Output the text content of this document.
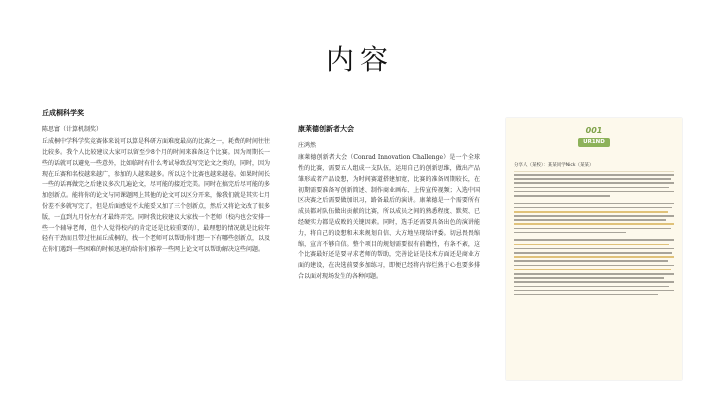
内容
丘成桐科学奖
陈思富（计算机制奖）
丘成桐中学科学奖竞赛体来说可以算是科研方面难度最高的比赛之一，耗费的时间往往比较多。我个人比较建议大家可以留至少8个月的时间来准备这个比赛。因为周期长一些的话就可以避免一些意外，比如临时有什么考试导致没写完论文之类的，同时，因为现在丘赛和名校越来越广，参加的人越来越多。所以这个比赛也越来越卷。如果时间长一些的话再做完之后建议多次几遍论文，尽可能的接近完美。同时在搞完后尽可能的多加创新点。能将你的论文与同课题网上其他的论文可以区分开来，像我们就是其实七月份差不多就写完了，但是后面感觉不太能妥又加了三个创新点，然后又将论文改了很多版，一直到九月份左右才最终弄完。同时我比较建议大家找一个老师（校内也会安排一些一个辅导老师，但个人觉得校内的肯定还是比较重要的），最理想的情况就是比较年轻有干劲而且带过往届丘成桐的，找一个老师可以帮助你们想一下有哪些创新点，以及在你们遇到一些困难的时候迅速的给你们推荐一些网上论文可以帮助解决这些问题。
康莱德创新者大会
庄鸿然
康莱德创新者大会（Conrad Innovation Challenge）是一个全球性的比赛，需要五人组成一支队伍，运用自己的创新思维，做出产品雏形或者产品设想，为时间赛道搭建加宽，比赛的准备周期较长，在初期需要准备写创新简述、制作商业画布、上传宣传视频；入选中国区决赛之后需要做加讯习，路备最后的演讲。康莱德是一个需要所有成员都对队伍做出贡献的比赛，所以成员之间的熟悉程度、默契、已经硬实力都是成败的关键因素。同时，选手还需要具备出色的演讲能力，将自己的设想和未来规划自信、大方地呈现给评委。切忌畏畏缩缩，宣言不够自信。整个项目的规划需要很有前瞻性，有条不紊，这个比赛最好还是要寻求老师的帮助，完善论证是技术方面还是商业方面的建设，在决选前要多加练习，即便已经将内容烂熟于心也要多排合以面对现场发生的各种问题。
001
UR1ND
分享人（某校）：某某同学Nick（某某）
